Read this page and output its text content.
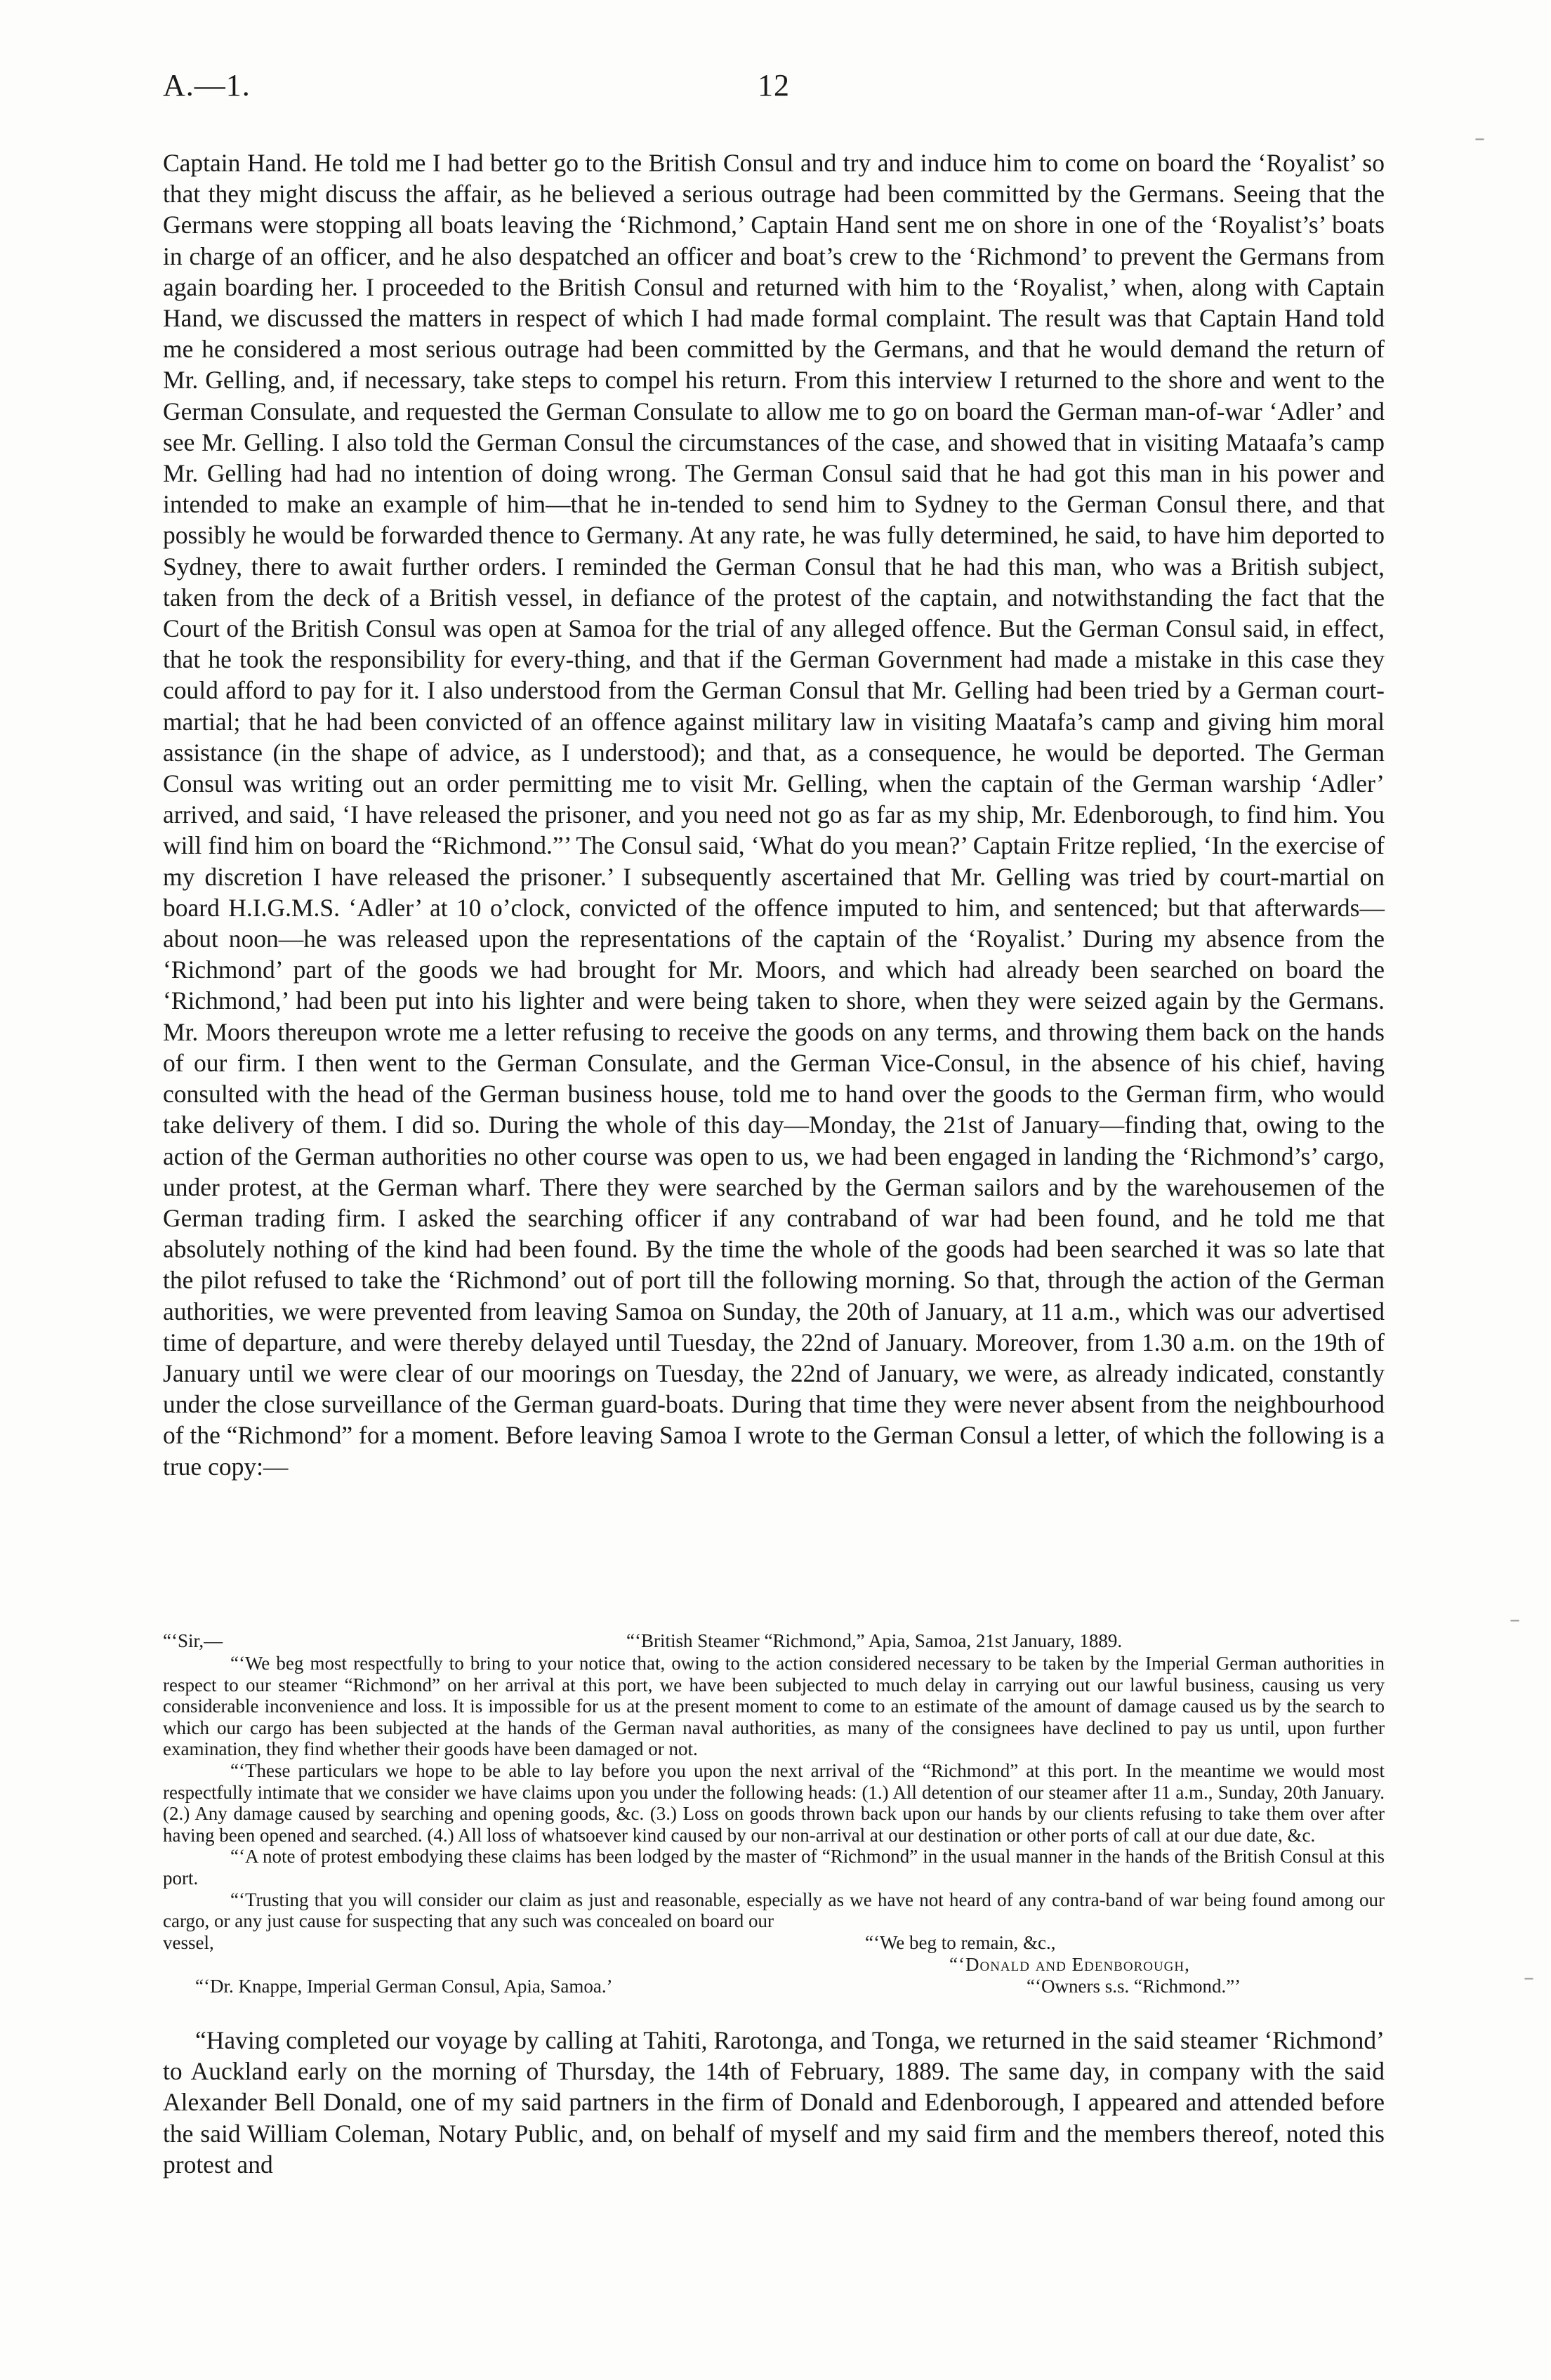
A.—1.	12

Captain Hand. He told me I had better go to the British Consul and try and induce him to come on board the ‘Royalist’ so that they might discuss the affair, as he believed a serious outrage had been committed by the Germans. Seeing that the Germans were stopping all boats leaving the ‘Richmond,’ Captain Hand sent me on shore in one of the ‘Royalist’s’ boats in charge of an officer, and he also despatched an officer and boat’s crew to the ‘Richmond’ to prevent the Germans from again boarding her. I proceeded to the British Consul and returned with him to the ‘Royalist,’ when, along with Captain Hand, we discussed the matters in respect of which I had made formal complaint. The result was that Captain Hand told me he considered a most serious outrage had been committed by the Germans, and that he would demand the return of Mr. Gelling, and, if necessary, take steps to compel his return. From this interview I returned to the shore and went to the German Consulate, and requested the German Consulate to allow me to go on board the German man-of-war ‘Adler’ and see Mr. Gelling. I also told the German Consul the circumstances of the case, and showed that in visiting Mataafa’s camp Mr. Gelling had had no intention of doing wrong. The German Consul said that he had got this man in his power and intended to make an example of him—that he in-tended to send him to Sydney to the German Consul there, and that possibly he would be forwarded thence to Germany. At any rate, he was fully determined, he said, to have him deported to Sydney, there to await further orders. I reminded the German Consul that he had this man, who was a British subject, taken from the deck of a British vessel, in defiance of the protest of the captain, and notwithstanding the fact that the Court of the British Consul was open at Samoa for the trial of any alleged offence. But the German Consul said, in effect, that he took the responsibility for every-thing, and that if the German Government had made a mistake in this case they could afford to pay for it. I also understood from the German Consul that Mr. Gelling had been tried by a German court-martial; that he had been convicted of an offence against military law in visiting Maatafa’s camp and giving him moral assistance (in the shape of advice, as I understood); and that, as a consequence, he would be deported. The German Consul was writing out an order permitting me to visit Mr. Gelling, when the captain of the German warship ‘Adler’ arrived, and said, ‘I have released the prisoner, and you need not go as far as my ship, Mr. Edenborough, to find him. You will find him on board the “Richmond.”’ The Consul said, ‘What do you mean?’ Captain Fritze replied, ‘In the exercise of my discretion I have released the prisoner.’ I subsequently ascertained that Mr. Gelling was tried by court-martial on board H.I.G.M.S. ‘Adler’ at 10 o’clock, convicted of the offence imputed to him, and sentenced; but that afterwards—about noon—he was released upon the representations of the captain of the ‘Royalist.’ During my absence from the ‘Richmond’ part of the goods we had brought for Mr. Moors, and which had already been searched on board the ‘Richmond,’ had been put into his lighter and were being taken to shore, when they were seized again by the Germans. Mr. Moors thereupon wrote me a letter refusing to receive the goods on any terms, and throwing them back on the hands of our firm. I then went to the German Consulate, and the German Vice-Consul, in the absence of his chief, having consulted with the head of the German business house, told me to hand over the goods to the German firm, who would take delivery of them. I did so. During the whole of this day—Monday, the 21st of January—finding that, owing to the action of the German authorities no other course was open to us, we had been engaged in landing the ‘Richmond’s’ cargo, under protest, at the German wharf. There they were searched by the German sailors and by the warehousemen of the German trading firm. I asked the searching officer if any contraband of war had been found, and he told me that absolutely nothing of the kind had been found. By the time the whole of the goods had been searched it was so late that the pilot refused to take the ‘Richmond’ out of port till the following morning. So that, through the action of the German authorities, we were prevented from leaving Samoa on Sunday, the 20th of January, at 11 a.m., which was our advertised time of departure, and were thereby delayed until Tuesday, the 22nd of January. Moreover, from 1.30 a.m. on the 19th of January until we were clear of our moorings on Tuesday, the 22nd of January, we were, as already indicated, constantly under the close surveillance of the German guard-boats. During that time they were never absent from the neighbourhood of the “Richmond” for a moment. Before leaving Samoa I wrote to the German Consul a letter, of which the following is a true copy:—

“‘Sir,—	“‘British Steamer “Richmond,” Apia, Samoa, 21st January, 1889.

“‘We beg most respectfully to bring to your notice that, owing to the action considered necessary to be taken by the Imperial German authorities in respect to our steamer “Richmond” on her arrival at this port, we have been subjected to much delay in carrying out our lawful business, causing us very considerable inconvenience and loss. It is impossible for us at the present moment to come to an estimate of the amount of damage caused us by the search to which our cargo has been subjected at the hands of the German naval authorities, as many of the consignees have declined to pay us until, upon further examination, they find whether their goods have been damaged or not.

“‘These particulars we hope to be able to lay before you upon the next arrival of the “Richmond” at this port. In the meantime we would most respectfully intimate that we consider we have claims upon you under the following heads: (1.) All detention of our steamer after 11 a.m., Sunday, 20th January. (2.) Any damage caused by searching and opening goods, &c. (3.) Loss on goods thrown back upon our hands by our clients refusing to take them over after having been opened and searched. (4.) All loss of whatsoever kind caused by our non-arrival at our destination or other ports of call at our due date, &c.

“‘A note of protest embodying these claims has been lodged by the master of “Richmond” in the usual manner in the hands of the British Consul at this port.

“‘Trusting that you will consider our claim as just and reasonable, especially as we have not heard of any contra-band of war being found among our cargo, or any just cause for suspecting that any such was concealed on board our

vessel,	“‘We beg to remain, &c.,
“‘Donald and Edenborough,
“‘Dr. Knappe, Imperial German Consul, Apia, Samoa.’	“‘Owners s.s. “Richmond.”’

“Having completed our voyage by calling at Tahiti, Rarotonga, and Tonga, we returned in the said steamer ‘Richmond’ to Auckland early on the morning of Thursday, the 14th of February, 1889. The same day, in company with the said Alexander Bell Donald, one of my said partners in the firm of Donald and Edenborough, I appeared and attended before the said William Coleman, Notary Public, and, on behalf of myself and my said firm and the members thereof, noted this protest and

–
–
–
